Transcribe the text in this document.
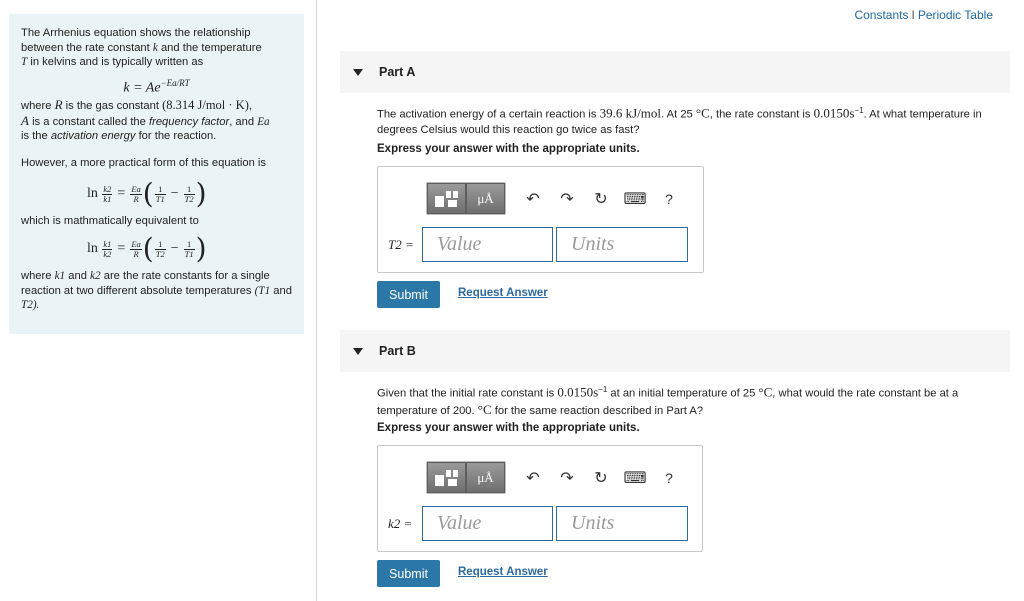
The Arrhenius equation shows the relationship between the rate constant k and the temperature
T in kelvins and is typically written as

$k = Ae^{-Ea/RT}$

where R is the gas constant (8.314 J/mol · K),
A is a constant called the frequency factor, and Ea
is the activation energy for the reaction.

However, a more practical form of this equation is

ln
$\frac{k2}{k1} = \frac{Ea}{R}$ ( $\frac{1}{T1} - \frac{1}{T2}$ )

which is mathmatically equivalent to

ln
$\frac{k1}{k2} = \frac{Ea}{R}$ ( $\frac{1}{T2} - \frac{1}{T1}$ )

where k1 and k2 are the rate constants for a single reaction at two different absolute temperatures (T1 and T2).

Constants I Periodic Table
Part A
The activation energy of a certain reaction is 39.6 kJ/mol. At 25 °C, the rate constant is $0.0150s^{-1}$. At what temperature in degrees Celsius would this reaction go twice as fast?
Express your answer with the appropriate units.
μÅ	↶	↷	↻ ⌨	?
T2 =
Value
Units
Submit	Request Answer
Part B
Given that the initial rate constant is $0.0150s^{-1}$ at an initial temperature of 25 °C, what would the rate constant be at a temperature of 200. °C for the same reaction described in Part A?
Express your answer with the appropriate units.
μÅ	↶	↷	↻ ⌨	?
k2 =
Value
Units
Submit	Request Answer
